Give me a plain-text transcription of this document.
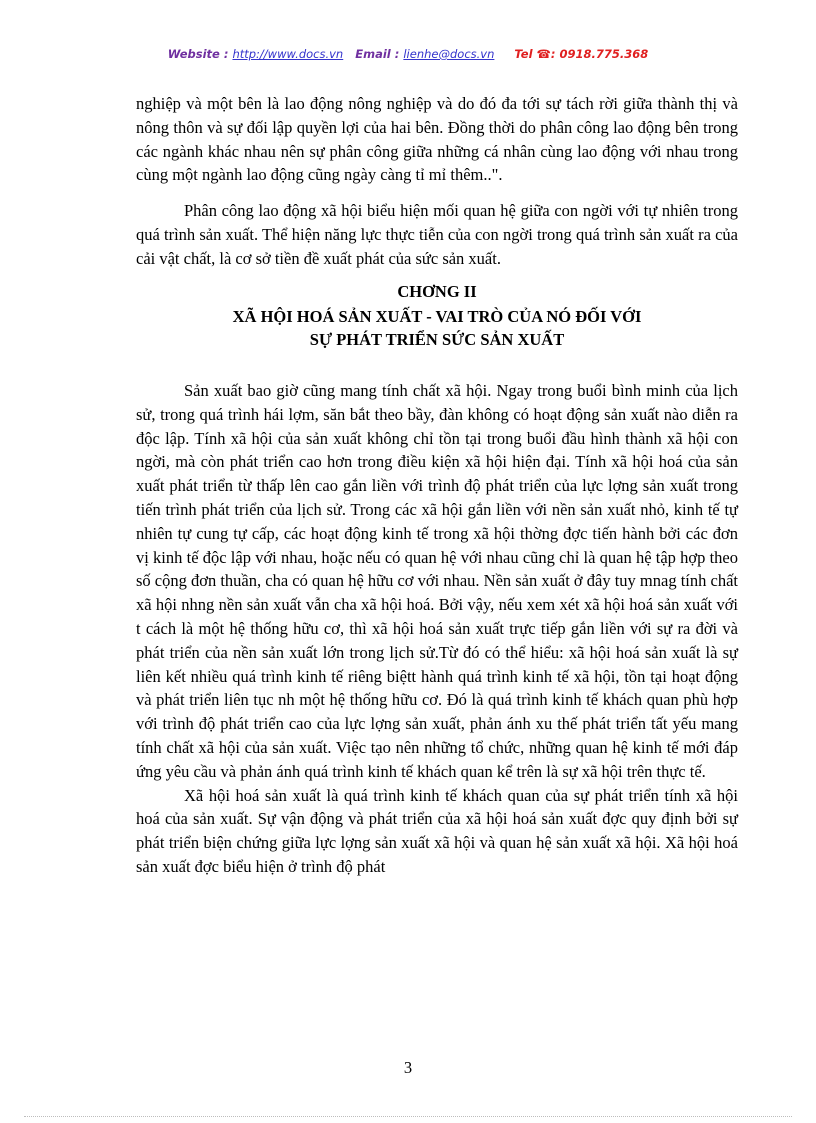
Website : http://www.docs.vn Email : lienhe@docs.vn Tel ☎: 0918.775.368

nghiệp và một bên là lao động nông nghiệp và do đó đa tới sự tách rời giữa thành thị và nông thôn và sự đối lập quyền lợi của hai bên. Đồng thời do phân công lao động bên trong các ngành khác nhau nên sự phân công giữa những cá nhân cùng lao động với nhau trong cùng một ngành lao động cũng ngày càng tỉ mỉ thêm..".

Phân công lao động xã hội biểu hiện mối quan hệ giữa con ngời với tự nhiên trong quá trình sản xuất. Thể hiện năng lực thực tiễn của con ngời trong quá trình sản xuất ra của cải vật chất, là cơ sở tiền đề xuất phát của sức sản xuất.

CHƠNG II
XÃ HỘI HOÁ SẢN XUẤT - VAI TRÒ CỦA NÓ ĐỐI VỚI
SỰ PHÁT TRIỂN SỨC SẢN XUẤT

Sản xuất bao giờ cũng mang tính chất xã hội. Ngay trong buổi bình minh của lịch sử, trong quá trình hái lợm, săn bắt theo bầy, đàn không có hoạt động sản xuất nào diễn ra độc lập. Tính xã hội của sản xuất không chỉ tồn tại trong buổi đầu hình thành xã hội con ngời, mà còn phát triển cao hơn trong điều kiện xã hội hiện đại. Tính xã hội hoá của sản xuất phát triển từ thấp lên cao gắn liền với trình độ phát triển của lực lợng sản xuất trong tiến trình phát triển của lịch sử. Trong các xã hội gắn liền với nền sản xuất nhỏ, kinh tế tự nhiên tự cung tự cấp, các hoạt động kinh tế trong xã hội thờng đợc tiến hành bởi các đơn vị kinh tế độc lập với nhau, hoặc nếu có quan hệ với nhau cũng chỉ là quan hệ tập hợp theo số cộng đơn thuần, cha có quan hệ hữu cơ với nhau. Nền sản xuất ở đây tuy mnag tính chất xã hội nhng nền sản xuất vẫn cha xã hội hoá. Bởi vậy, nếu xem xét xã hội hoá sản xuất với t cách là một hệ thống hữu cơ, thì xã hội hoá sản xuất trực tiếp gắn liền với sự ra đời và phát triển của nền sản xuất lớn trong lịch sử.Từ đó có thể hiểu: xã hội hoá sản xuất là sự liên kết nhiều quá trình kinh tế riêng biệtt hành quá trình kinh tế xã hội, tồn tại hoạt động và phát triển liên tục nh một hệ thống hữu cơ. Đó là quá trình kinh tế khách quan phù hợp với trình độ phát triển cao của lực lợng sản xuất, phản ánh xu thế phát triển tất yếu mang tính chất xã hội của sản xuất. Việc tạo nên những tổ chức, những quan hệ kinh tế mới đáp ứng yêu cầu và phản ánh quá trình kinh tế khách quan kể trên là sự xã hội trên thực tế.

Xã hội hoá sản xuất là quá trình kinh tế khách quan của sự phát triển tính xã hội hoá của sản xuất. Sự vận động và phát triển của xã hội hoá sản xuất đợc quy định bởi sự phát triển biện chứng giữa lực lợng sản xuất xã hội và quan hệ sản xuất xã hội. Xã hội hoá sản xuất đợc biểu hiện ở trình độ phát

3
